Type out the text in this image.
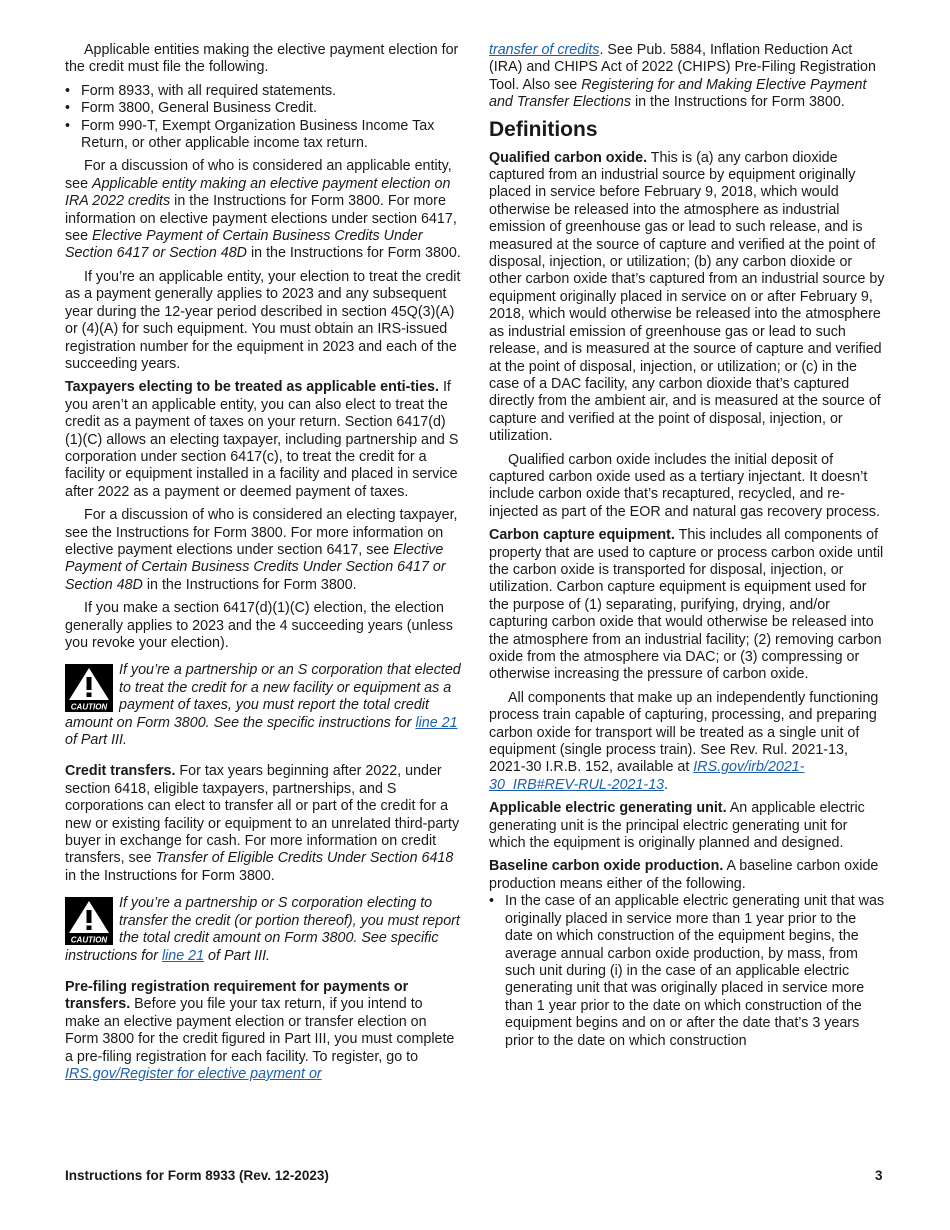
Applicable entities making the elective payment election for the credit must file the following.

• Form 8933, with all required statements.
• Form 3800, General Business Credit.
• Form 990-T, Exempt Organization Business Income Tax Return, or other applicable income tax return.

For a discussion of who is considered an applicable entity, see Applicable entity making an elective payment election on IRA 2022 credits in the Instructions for Form 3800. For more information on elective payment elections under section 6417, see Elective Payment of Certain Business Credits Under Section 6417 or Section 48D in the Instructions for Form 3800.

If you’re an applicable entity, your election to treat the credit as a payment generally applies to 2023 and any subsequent year during the 12-year period described in section 45Q(3)(A) or (4)(A) for such equipment. You must obtain an IRS-issued registration number for the equipment in 2023 and each of the succeeding years.

Taxpayers electing to be treated as applicable enti-ties. If you aren’t an applicable entity, you can also elect to treat the credit as a payment of taxes on your return. Section 6417(d)(1)(C) allows an electing taxpayer, including partnership and S corporation under section 6417(c), to treat the credit for a facility or equipment installed in a facility and placed in service after 2022 as a payment or deemed payment of taxes.

For a discussion of who is considered an electing taxpayer, see the Instructions for Form 3800. For more information on elective payment elections under section 6417, see Elective Payment of Certain Business Credits Under Section 6417 or Section 48D in the Instructions for Form 3800.

If you make a section 6417(d)(1)(C) election, the election generally applies to 2023 and the 4 succeeding years (unless you revoke your election).

CAUTION
If you’re a partnership or an S corporation that elected to treat the credit for a new facility or equipment as a payment of taxes, you must report the total credit amount on Form 3800. See the specific instructions for line 21 of Part III.

Credit transfers. For tax years beginning after 2022, under section 6418, eligible taxpayers, partnerships, and S corporations can elect to transfer all or part of the credit for a new or existing facility or equipment to an unrelated third-party buyer in exchange for cash. For more information on credit transfers, see Transfer of Eligible Credits Under Section 6418 in the Instructions for Form 3800.

CAUTION
If you’re a partnership or S corporation electing to transfer the credit (or portion thereof), you must report the total credit amount on Form 3800. See specific instructions for line 21 of Part III.

Pre-filing registration requirement for payments or transfers. Before you file your tax return, if you intend to make an elective payment election or transfer election on Form 3800 for the credit figured in Part III, you must complete a pre-filing registration for each facility. To register, go to IRS.gov/Register for elective payment or

transfer of credits. See Pub. 5884, Inflation Reduction Act (IRA) and CHIPS Act of 2022 (CHIPS) Pre-Filing Registration Tool. Also see Registering for and Making Elective Payment and Transfer Elections in the Instructions for Form 3800.

Definitions

Qualified carbon oxide. This is (a) any carbon dioxide captured from an industrial source by equipment originally placed in service before February 9, 2018, which would otherwise be released into the atmosphere as industrial emission of greenhouse gas or lead to such release, and is measured at the source of capture and verified at the point of disposal, injection, or utilization; (b) any carbon dioxide or other carbon oxide that’s captured from an industrial source by equipment originally placed in service on or after February 9, 2018, which would otherwise be released into the atmosphere as industrial emission of greenhouse gas or lead to such release, and is measured at the source of capture and verified at the point of disposal, injection, or utilization; or (c) in the case of a DAC facility, any carbon dioxide that’s captured directly from the ambient air, and is measured at the source of capture and verified at the point of disposal, injection, or utilization.

Qualified carbon oxide includes the initial deposit of captured carbon oxide used as a tertiary injectant. It doesn’t include carbon oxide that’s recaptured, recycled, and re-injected as part of the EOR and natural gas recovery process.

Carbon capture equipment. This includes all components of property that are used to capture or process carbon oxide until the carbon oxide is transported for disposal, injection, or utilization. Carbon capture equipment is equipment used for the purpose of (1) separating, purifying, drying, and/or capturing carbon oxide that would otherwise be released into the atmosphere from an industrial facility; (2) removing carbon oxide from the atmosphere via DAC; or (3) compressing or otherwise increasing the pressure of carbon oxide.

All components that make up an independently functioning process train capable of capturing, processing, and preparing carbon oxide for transport will be treated as a single unit of equipment (single process train). See Rev. Rul. 2021-13, 2021-30 I.R.B. 152, available at IRS.gov/irb/2021-30_IRB#REV-RUL-2021-13.

Applicable electric generating unit. An applicable electric generating unit is the principal electric generating unit for which the equipment is originally planned and designed.

Baseline carbon oxide production. A baseline carbon oxide production means either of the following.

• In the case of an applicable electric generating unit that was originally placed in service more than 1 year prior to the date on which construction of the equipment begins, the average annual carbon oxide production, by mass, from such unit during (i) in the case of an applicable electric generating unit that was originally placed in service more than 1 year prior to the date on which construction of the equipment begins and on or after the date that’s 3 years prior to the date on which construction
Instructions for Form 8933 (Rev. 12-2023)	3
